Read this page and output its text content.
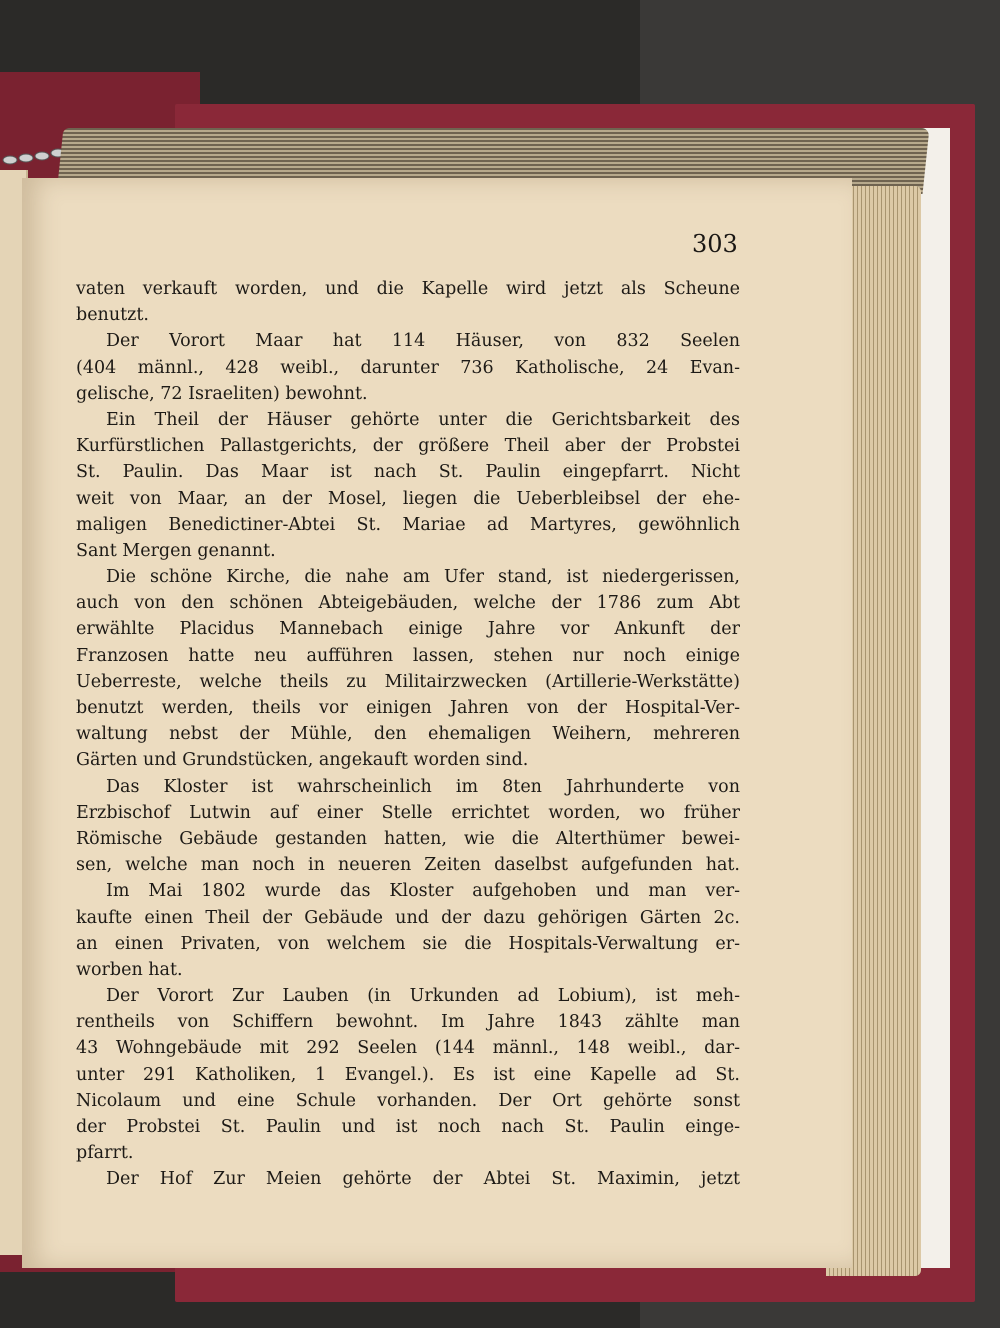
303
vaten verkauft worden, und die Kapelle wird jetzt als Scheune
benutzt.
Der Vorort Maar hat 114 Häuser, von 832 Seelen
(404 männl., 428 weibl., darunter 736 Katholische, 24 Evan-
gelische, 72 Israeliten) bewohnt.
Ein Theil der Häuser gehörte unter die Gerichtsbarkeit des
Kurfürstlichen Pallastgerichts, der größere Theil aber der Probstei
St. Paulin. Das Maar ist nach St. Paulin eingepfarrt. Nicht
weit von Maar, an der Mosel, liegen die Ueberbleibsel der ehe-
maligen Benedictiner-Abtei St. Mariae ad Martyres, gewöhnlich
Sant Mergen genannt.
Die schöne Kirche, die nahe am Ufer stand, ist niedergerissen,
auch von den schönen Abteigebäuden, welche der 1786 zum Abt
erwählte Placidus Mannebach einige Jahre vor Ankunft der
Franzosen hatte neu aufführen lassen, stehen nur noch einige
Ueberreste, welche theils zu Militairzwecken (Artillerie-Werkstätte)
benutzt werden, theils vor einigen Jahren von der Hospital-Ver-
waltung nebst der Mühle, den ehemaligen Weihern, mehreren
Gärten und Grundstücken, angekauft worden sind.
Das Kloster ist wahrscheinlich im 8ten Jahrhunderte von
Erzbischof Lutwin auf einer Stelle errichtet worden, wo früher
Römische Gebäude gestanden hatten, wie die Alterthümer bewei-
sen, welche man noch in neueren Zeiten daselbst aufgefunden hat.
Im Mai 1802 wurde das Kloster aufgehoben und man ver-
kaufte einen Theil der Gebäude und der dazu gehörigen Gärten 2c.
an einen Privaten, von welchem sie die Hospitals-Verwaltung er-
worben hat.
Der Vorort Zur Lauben (in Urkunden ad Lobium), ist meh-
rentheils von Schiffern bewohnt. Im Jahre 1843 zählte man
43 Wohngebäude mit 292 Seelen (144 männl., 148 weibl., dar-
unter 291 Katholiken, 1 Evangel.). Es ist eine Kapelle ad St.
Nicolaum und eine Schule vorhanden. Der Ort gehörte sonst
der Probstei St. Paulin und ist noch nach St. Paulin einge-
pfarrt.
Der Hof Zur Meien gehörte der Abtei St. Maximin, jetzt
